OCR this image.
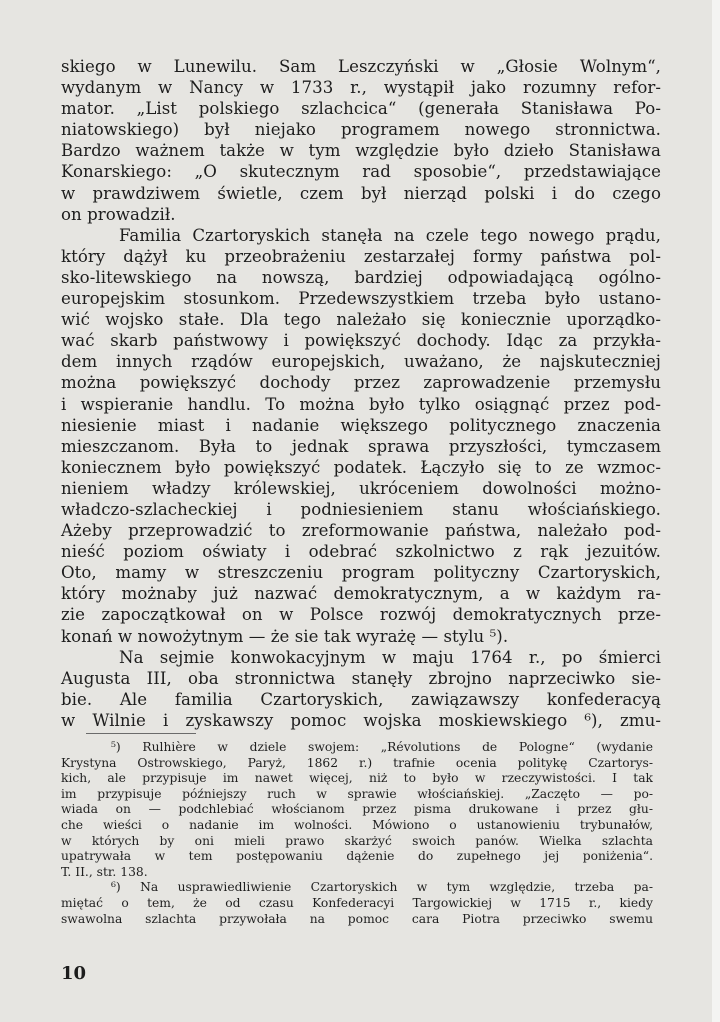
skiego w Lunewilu. Sam Leszczyński w „Głosie Wolnym“,
wydanym w Nancy w 1733 r., wystąpił jako rozumny refor-
mator. „List polskiego szlachcica“ (generała Stanisława Po-
niatowskiego) był niejako programem nowego stronnictwa.
Bardzo ważnem także w tym względzie było dzieło Stanisława
Konarskiego: „O skutecznym rad sposobie“, przedstawiające
w prawdziwem świetle, czem był nierząd polski i do czego
on prowadził.
Familia Czartoryskich stanęła na czele tego nowego prądu,
który dążył ku przeobrażeniu zestarzałej formy państwa pol-
sko-litewskiego na nowszą, bardziej odpowiadającą ogólno-
europejskim stosunkom. Przedewszystkiem trzeba było ustano-
wić wojsko stałe. Dla tego należało się koniecznie uporządko-
wać skarb państwowy i powiększyć dochody. Idąc za przykła-
dem innych rządów europejskich, uważano, że najskuteczniej
można powiększyć dochody przez zaprowadzenie przemysłu
i wspieranie handlu. To można było tylko osiągnąć przez pod-
niesienie miast i nadanie większego politycznego znaczenia
mieszczanom. Była to jednak sprawa przyszłości, tymczasem
koniecznem było powiększyć podatek. Łączyło się to ze wzmoc-
nieniem władzy królewskiej, ukróceniem dowolności możno-
władczo-szlacheckiej i podniesieniem stanu włościańskiego.
Ażeby przeprowadzić to zreformowanie państwa, należało pod-
nieść poziom oświaty i odebrać szkolnictwo z rąk jezuitów.
Oto, mamy w streszczeniu program polityczny Czartoryskich,
który możnaby już nazwać demokratycznym, a w każdym ra-
zie zapoczątkował on w Polsce rozwój demokratycznych prze-
konań w nowożytnym — że sie tak wyrażę — stylu ⁵).
Na sejmie konwokacyjnym w maju 1764 r., po śmierci
Augusta III, oba stronnictwa stanęły zbrojno naprzeciwko sie-
bie. Ale familia Czartoryskich, zawiązawszy konfederacyą
w Wilnie i zyskawszy pomoc wojska moskiewskiego ⁶), zmu-
⁵) Rulhière w dziele swojem: „Révolutions de Pologne“ (wydanie
Krystyna Ostrowskiego, Paryż, 1862 r.) trafnie ocenia politykę Czartorys-
kich, ale przypisuje im nawet więcej, niż to było w rzeczywistości. I tak
im przypisuje późniejszy ruch w sprawie włościańskiej. „Zaczęto — po-
wiada on — podchlebiać włościanom przez pisma drukowane i przez głu-
che wieści o nadanie im wolności. Mówiono o ustanowieniu trybunałów,
w których by oni mieli prawo skarżyć swoich panów. Wielka szlachta
upatrywała w tem postępowaniu dążenie do zupełnego jej poniżenia“.
T. II., str. 138.
⁶) Na usprawiedliwienie Czartoryskich w tym względzie, trzeba pa-
miętać o tem, że od czasu Konfederacyi Targowickiej w 1715 r., kiedy
swawolna szlachta przywołała na pomoc cara Piotra przeciwko swemu
10
